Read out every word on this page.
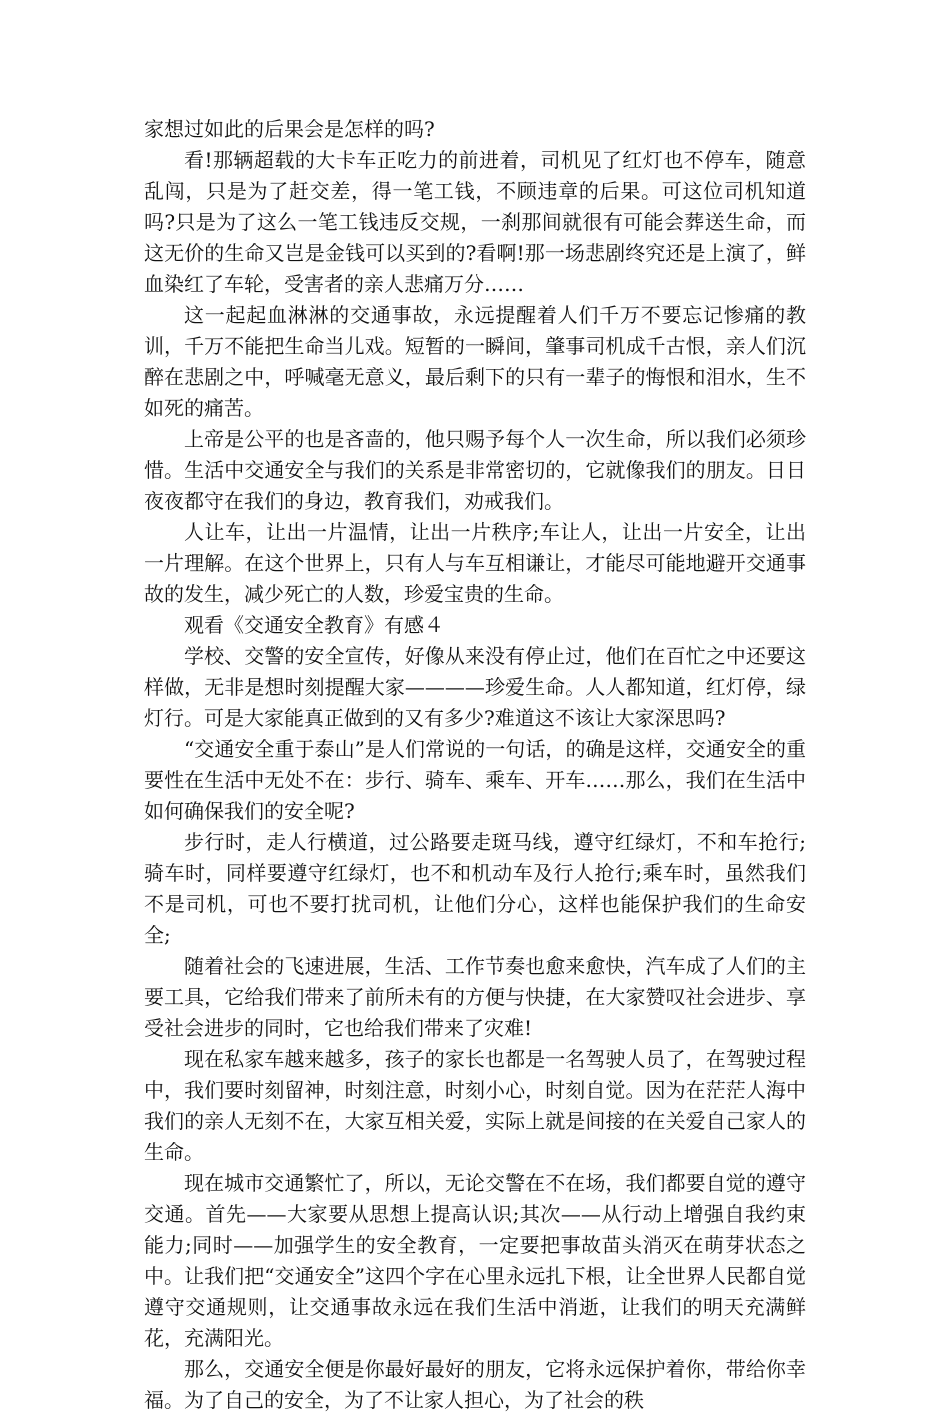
家想过如此的后果会是怎样的吗?

看!那辆超载的大卡车正吃力的前进着，司机见了红灯也不停车，随意乱闯，只是为了赶交差，得一笔工钱，不顾违章的后果。可这位司机知道吗?只是为了这么一笔工钱违反交规，一刹那间就很有可能会葬送生命，而这无价的生命又岂是金钱可以买到的?看啊!那一场悲剧终究还是上演了，鲜血染红了车轮，受害者的亲人悲痛万分……

这一起起血淋淋的交通事故，永远提醒着人们千万不要忘记惨痛的教训，千万不能把生命当儿戏。短暂的一瞬间，肇事司机成千古恨，亲人们沉醉在悲剧之中，呼喊毫无意义，最后剩下的只有一辈子的悔恨和泪水，生不如死的痛苦。

上帝是公平的也是吝啬的，他只赐予每个人一次生命，所以我们必须珍惜。生活中交通安全与我们的关系是非常密切的，它就像我们的朋友。日日夜夜都守在我们的身边，教育我们，劝戒我们。

人让车，让出一片温情，让出一片秩序;车让人，让出一片安全，让出一片理解。在这个世界上，只有人与车互相谦让，才能尽可能地避开交通事故的发生，减少死亡的人数，珍爱宝贵的生命。

观看《交通安全教育》有感４

学校、交警的安全宣传，好像从来没有停止过，他们在百忙之中还要这样做，无非是想时刻提醒大家————珍爱生命。人人都知道，红灯停，绿灯行。可是大家能真正做到的又有多少?难道这不该让大家深思吗?

“交通安全重于泰山”是人们常说的一句话，的确是这样，交通安全的重要性在生活中无处不在：步行、骑车、乘车、开车……那么，我们在生活中如何确保我们的安全呢?

步行时，走人行横道，过公路要走斑马线，遵守红绿灯，不和车抢行;骑车时，同样要遵守红绿灯，也不和机动车及行人抢行;乘车时，虽然我们不是司机，可也不要打扰司机，让他们分心，这样也能保护我们的生命安全;

随着社会的飞速进展，生活、工作节奏也愈来愈快，汽车成了人们的主要工具，它给我们带来了前所未有的方便与快捷，在大家赞叹社会进步、享受社会进步的同时，它也给我们带来了灾难!

现在私家车越来越多，孩子的家长也都是一名驾驶人员了，在驾驶过程中，我们要时刻留神，时刻注意，时刻小心，时刻自觉。因为在茫茫人海中我们的亲人无刻不在，大家互相关爱，实际上就是间接的在关爱自己家人的生命。

现在城市交通繁忙了，所以，无论交警在不在场，我们都要自觉的遵守交通。首先——大家要从思想上提高认识;其次——从行动上增强自我约束能力;同时——加强学生的安全教育，一定要把事故苗头消灭在萌芽状态之中。让我们把“交通安全”这四个字在心里永远扎下根，让全世界人民都自觉遵守交通规则，让交通事故永远在我们生活中消逝，让我们的明天充满鲜花，充满阳光。

那么，交通安全便是你最好最好的朋友，它将永远保护着你，带给你幸福。为了自己的安全，为了不让家人担心，为了社会的秩
